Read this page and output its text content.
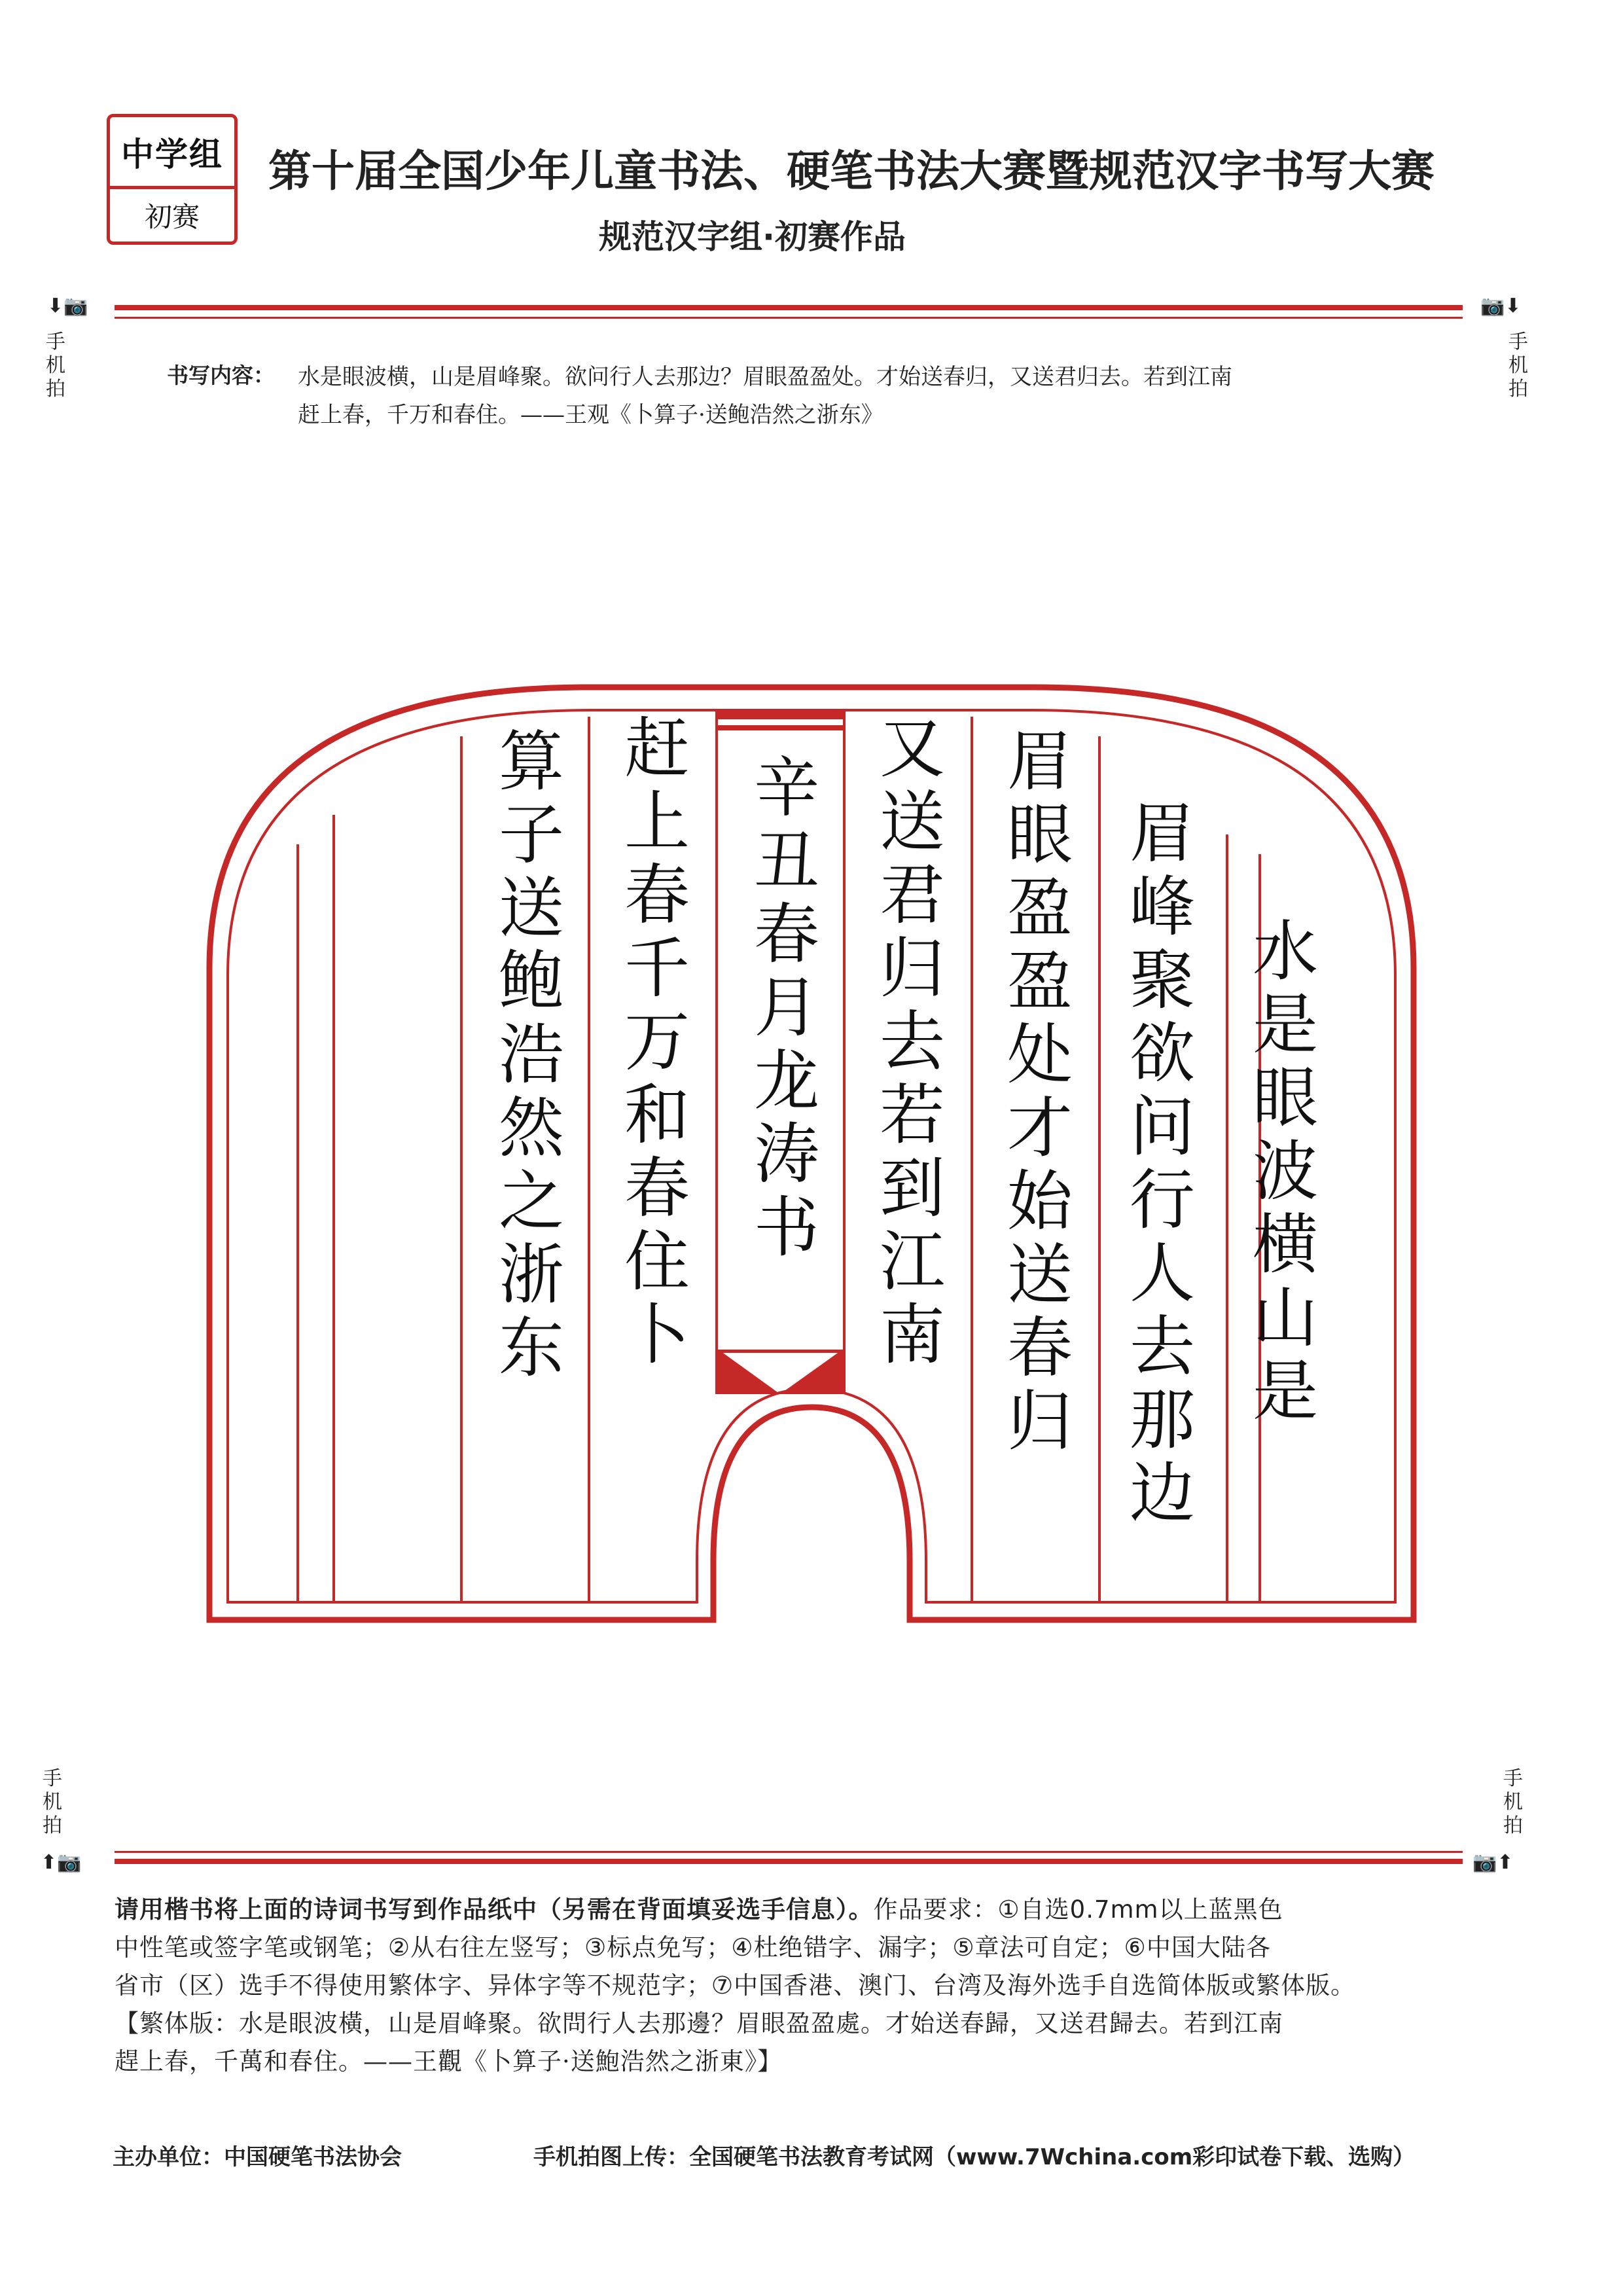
中学组
初赛
第十届全国少年儿童书法、硬笔书法大赛暨规范汉字书写大赛
规范汉字组·初赛作品
⬇📷
手机拍
📷⬇
手机拍
书写内容： 水是眼波横，山是眉峰聚。欲问行人去那边？眉眼盈盈处。才始送春归，又送君归去。若到江南
赶上春，千万和春住。——王观《卜算子·送鲍浩然之浙东》
水是眼波横山是
眉峰聚欲问行人去那边
眉眼盈盈处才始送春归
又送君归去若到江南
辛丑春月龙涛书
赶上春千万和春住卜
算子送鲍浩然之浙东
手机拍
⬆📷
手机拍
📷⬆
请用楷书将上面的诗词书写到作品纸中（另需在背面填妥选手信息）。作品要求：①自选0.7mm以上蓝黑色
中性笔或签字笔或钢笔；②从右往左竖写；③标点免写；④杜绝错字、漏字；⑤章法可自定；⑥中国大陆各
省市（区）选手不得使用繁体字、异体字等不规范字；⑦中国香港、澳门、台湾及海外选手自选简体版或繁体版。
【繁体版：水是眼波橫，山是眉峰聚。欲問行人去那邊？眉眼盈盈處。才始送春歸，又送君歸去。若到江南
趕上春，千萬和春住。——王觀《卜算子·送鮑浩然之浙東》】
主办单位：中国硬笔书法协会	手机拍图上传：全国硬笔书法教育考试网（www.7Wchina.com彩印试卷下载、选购）
